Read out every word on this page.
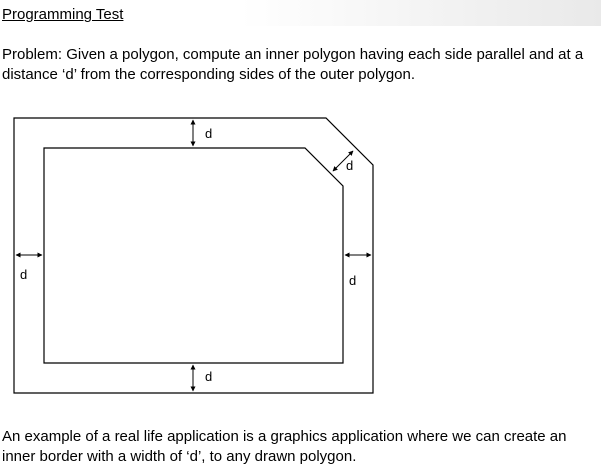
Programming Test
Problem: Given a polygon, compute an inner polygon having each side parallel and at a distance ‘d’ from the corresponding sides of the outer polygon.
d
d
d	d
d
An example of a real life application is a graphics application where we can create an inner border with a width of ‘d’, to any drawn polygon.
